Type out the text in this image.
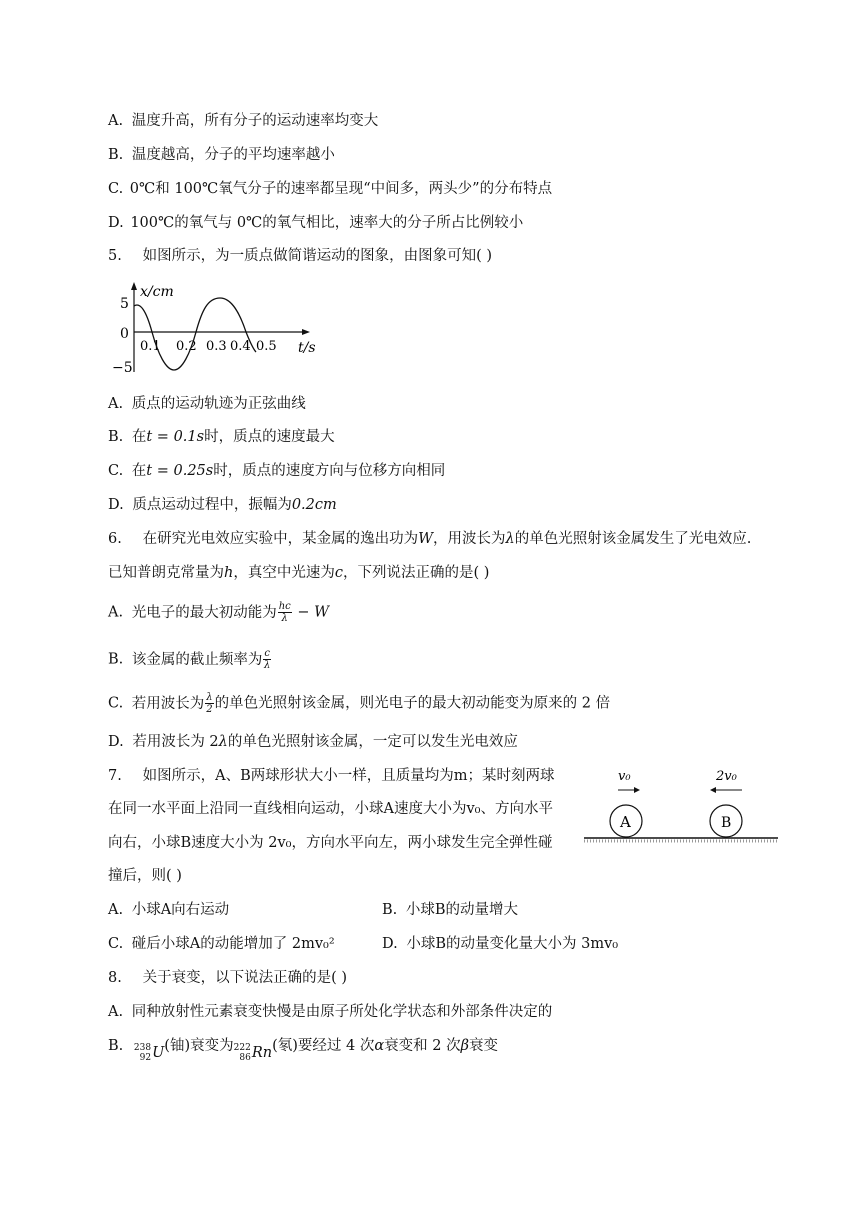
A. 温度升高，所有分子的运动速率均变大
B. 温度越高，分子的平均速率越小
C. 0℃和 100℃氧气分子的速率都呈现“中间多，两头少”的分布特点
D. 100℃的氧气与 0℃的氧气相比，速率大的分子所占比例较小
5. 如图所示，为一质点做简谐运动的图象，由图象可知( )
5
0
−5
x/cm
t/s
0.1 0.2 0.3 0.4 0.5
A. 质点的运动轨迹为正弦曲线
B. 在t = 0.1s时，质点的速度最大
C. 在t = 0.25s时，质点的速度方向与位移方向相同
D. 质点运动过程中，振幅为0.2cm
6. 在研究光电效应实验中，某金属的逸出功为W，用波长为λ的单色光照射该金属发生了光电效应.
已知普朗克常量为h，真空中光速为c，下列说法正确的是( )
A. 光电子的最大初动能为 $\frac{hc}{\lambda} - W$
B. 该金属的截止频率为 $\frac{c}{\lambda}$
C. 若用波长为 $\frac{\lambda}{2}$ 的单色光照射该金属，则光电子的最大初动能变为原来的 2 倍
D. 若用波长为 2λ的单色光照射该金属，一定可以发生光电效应
7. 如图所示，A、B两球形状大小一样，且质量均为m；某时刻两球
在同一水平面上沿同一直线相向运动，小球A速度大小为v₀、方向水平
向右，小球B速度大小为 2v₀，方向水平向左，两小球发生完全弹性碰
撞后，则( )
v₀	2v₀
A	B
A. 小球A向右运动	B. 小球B的动量增大
C. 碰后小球A的动能增加了 2mv₀²	D. 小球B的动量变化量大小为 3mv₀
8. 关于衰变，以下说法正确的是( )
A. 同种放射性元素衰变快慢是由原子所处化学状态和外部条件决定的
B. 238
92 U (铀)衰变为 222
86 Rn (氡)要经过 4 次α衰变和 2 次β衰变
